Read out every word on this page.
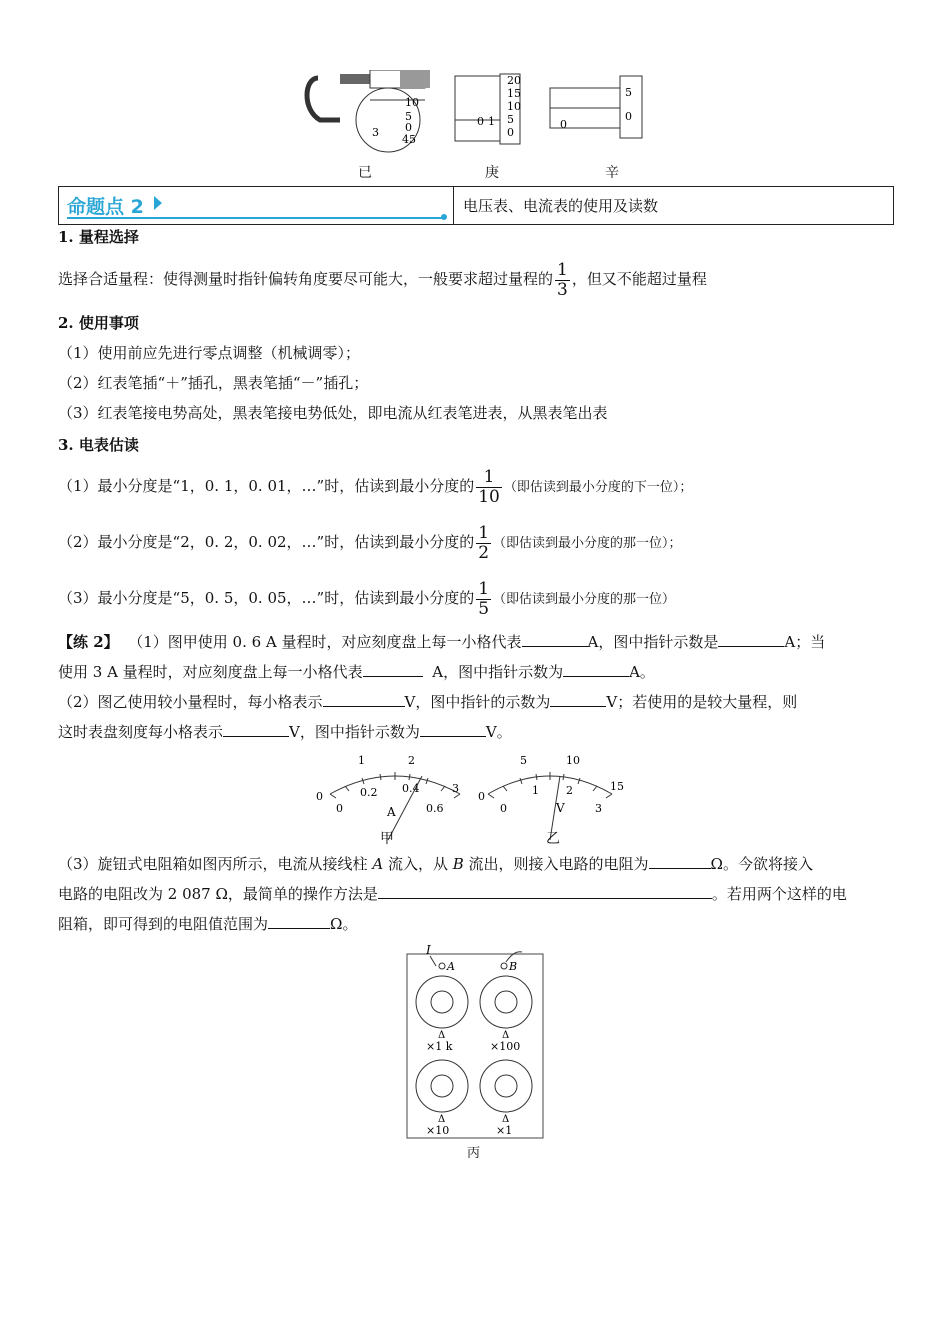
10
5
0
45
3
20
15
10
5
0
0 1
5
0
0
已	庚	辛
命题点 2	电压表、电流表的使用及读数
1. 量程选择
选择合适量程：使得测量时指针偏转角度要尽可能大，一般要求超过量程的 $\frac{1}{3}$ ，但又不能超过量程
2. 使用事项
（1）使用前应先进行零点调整（机械调零）；
（2）红表笔插“＋”插孔，黑表笔插“－”插孔；
（3）红表笔接电势高处，黑表笔接电势低处，即电流从红表笔进表，从黑表笔出表
3. 电表估读
（1）最小分度是“1，0. 1，0. 01，…”时，估读到最小分度的 $\frac{1}{10}$ （即估读到最小分度的下一位）；
（2）最小分度是“2，0. 2，0. 02，…”时，估读到最小分度的 $\frac{1}{2}$ （即估读到最小分度的那一位）；
（3）最小分度是“5，0. 5，0. 05，…”时，估读到最小分度的 $\frac{1}{5}$ （即估读到最小分度的那一位）
【练 2】 （1）图甲使用 0. 6 A 量程时，对应刻度盘上每一小格代表	A，图中指针示数是	A；当
使用 3 A 量程时，对应刻度盘上每一小格代表	A，图中指针示数为	A。
（2）图乙使用较小量程时，每小格表示	V，图中指针的示数为	V；若使用的是较大量程，则
这时表盘刻度每小格表示	V，图中指针示数为	V。
0
1	2
3
0
0.2 0.4
0.6
A
0
5	10
15
0
1 2
3
V
甲	乙
（3）旋钮式电阻箱如图丙所示，电流从接线柱 A 流入，从 B 流出，则接入电路的电阻为	Ω。今欲将接入
电路的电阻改为 2 087 Ω，最简单的操作方法是	。若用两个这样的电
阻箱，即可得到的电阻值范围为	Ω。
I
A	B
Δ	Δ
Δ	Δ
×1 k	×100
×10	×1
丙
